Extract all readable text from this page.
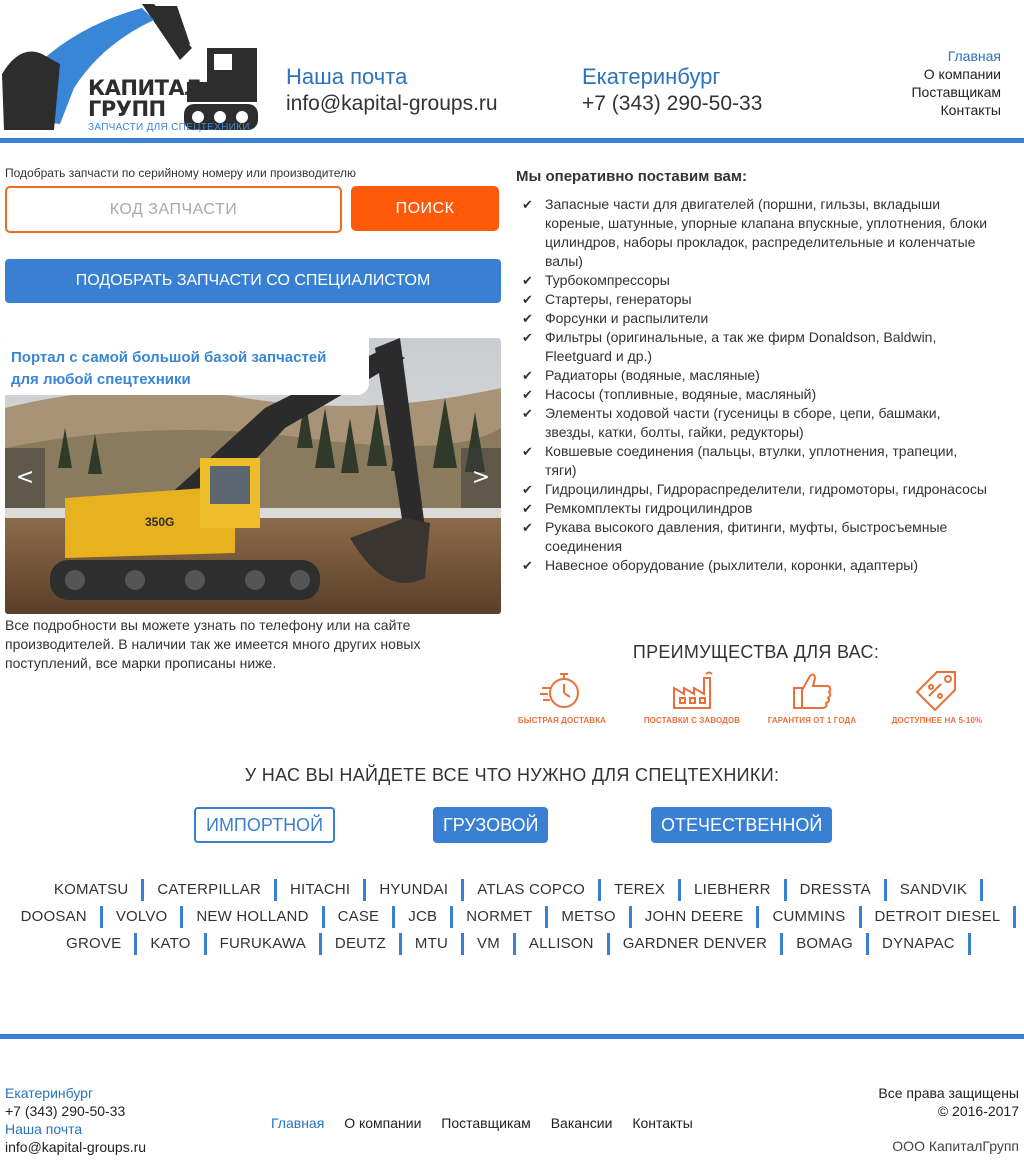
КАПИТАЛ
ГРУПП
ЗАПЧАСТИ ДЛЯ СПЕЦТЕХНИКИ
Наша почта
info@kapital-groups.ru
Екатеринбург
+7 (343) 290-50-33
Главная
О компании
Поставщикам
Контакты
Подобрать запчасти по серийному номеру или производителю
КОД ЗАПЧАСТИ
ПОИСК
ПОДОБРАТЬ ЗАПЧАСТИ СО СПЕЦИАЛИСТОМ
350G
Портал с самой большой базой запчастей
для любой спецтехники
<	>

Все подробности вы можете узнать по телефону или на сайте производителей. В наличии так же имеется много других новых поступлений, все марки прописаны ниже.

Мы оперативно поставим вам:
✔ Запасные части для двигателей (поршни, гильзы, вкладыши кореные, шатунные, упорные клапана впускные, уплотнения, блоки цилиндров, наборы прокладок, распределительные и коленчатые валы)
✔ Турбокомпрессоры
✔ Стартеры, генераторы
✔ Форсунки и распылители
✔ Фильтры (оригинальные, а так же фирм Donaldson, Baldwin, Fleetguard и др.)
✔ Радиаторы (водяные, масляные)
✔ Насосы (топливные, водяные, масляный)
✔ Элементы ходовой части (гусеницы в сборе, цепи, башмаки, звезды, катки, болты, гайки, редукторы)
✔ Ковшевые соединения (пальцы, втулки, уплотнения, трапеции, тяги)
✔ Гидроцилиндры, Гидрораспределители, гидромоторы, гидронасосы
✔ Ремкомплекты гидроцилиндров
✔ Рукава высокого давления, фитинги, муфты, быстросъемные соединения
✔ Навесное оборудование (рыхлители, коронки, адаптеры)
ПРЕИМУЩЕСТВА ДЛЯ ВАС:
БЫСТРАЯ ДОСТАВКА	ПОСТАВКИ С ЗАВОДОВ	ГАРАНТИЯ ОТ 1 ГОДА	ДОСТУПНЕЕ НА 5-10%
У НАС ВЫ НАЙДЕТЕ ВСЕ ЧТО НУЖНО ДЛЯ СПЕЦТЕХНИКИ:
ИМПОРТНОЙ	ГРУЗОВОЙ	ОТЕЧЕСТВЕННОЙ
KOMATSU	CATERPILLAR	HITACHI	HYUNDAI	ATLAS COPCO	TEREX	LIEBHERR	DRESSTA	SANDVIK
DOOSAN	VOLVO	NEW HOLLAND	CASE	JCB	NORMET	METSO	JOHN DEERE	CUMMINS	DETROIT DIESEL
GROVE	KATO	FURUKAWA	DEUTZ	MTU	VM	ALLISON	GARDNER DENVER	BOMAG	DYNAPAC
Екатеринбург
+7 (343) 290-50-33
Наша почта
info@kapital-groups.ru
Главная О компании Поставщикам Вакансии Контакты
Все права защищены
© 2016-2017
ООО КапиталГрупп
